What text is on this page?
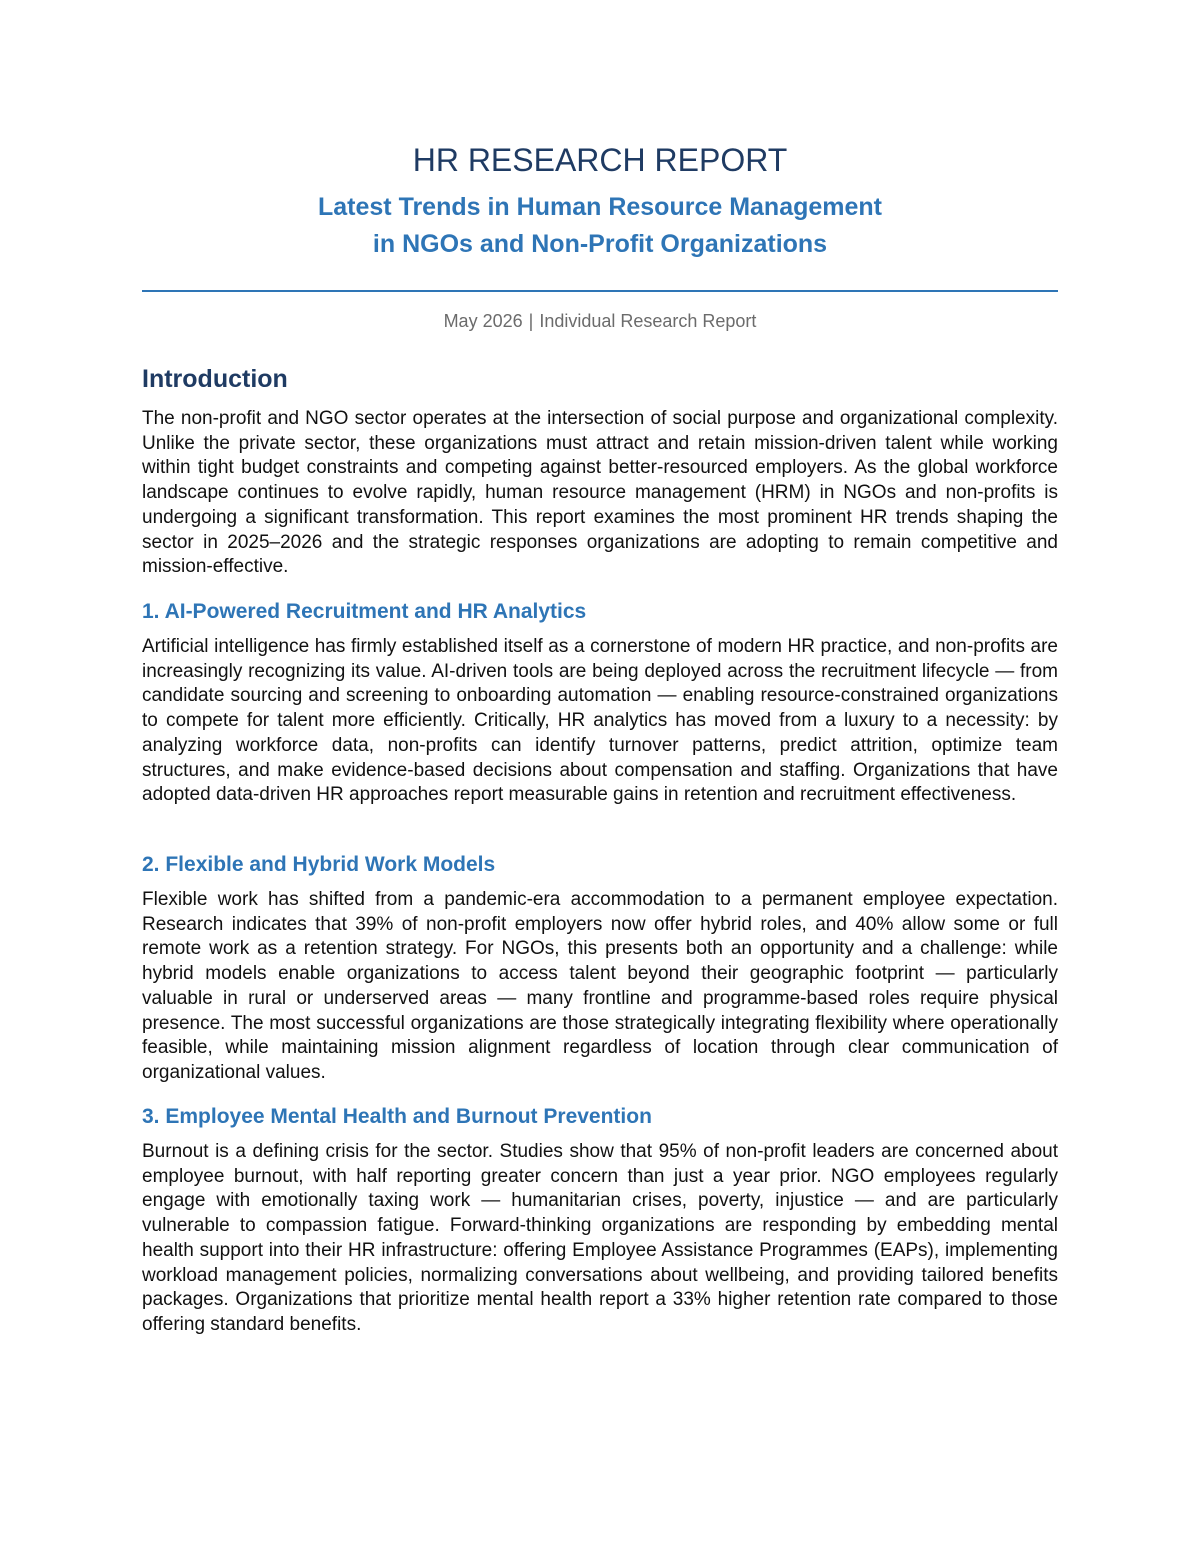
HR RESEARCH REPORT
Latest Trends in Human Resource Management
in NGOs and Non-Profit Organizations
May 2026 | Individual Research Report
Introduction
The non-profit and NGO sector operates at the intersection of social purpose and organizational complexity. Unlike the private sector, these organizations must attract and retain mission-driven talent while working within tight budget constraints and competing against better-resourced employers. As the global workforce landscape continues to evolve rapidly, human resource management (HRM) in NGOs and non-profits is undergoing a significant transformation. This report examines the most prominent HR trends shaping the sector in 2025–2026 and the strategic responses organizations are adopting to remain competitive and mission-effective.
1. AI-Powered Recruitment and HR Analytics
Artificial intelligence has firmly established itself as a cornerstone of modern HR practice, and non-profits are increasingly recognizing its value. AI-driven tools are being deployed across the recruitment lifecycle — from candidate sourcing and screening to onboarding automation — enabling resource-constrained organizations to compete for talent more efficiently. Critically, HR analytics has moved from a luxury to a necessity: by analyzing workforce data, non-profits can identify turnover patterns, predict attrition, optimize team structures, and make evidence-based decisions about compensation and staffing. Organizations that have adopted data-driven HR approaches report measurable gains in retention and recruitment effectiveness.
2. Flexible and Hybrid Work Models
Flexible work has shifted from a pandemic-era accommodation to a permanent employee expectation. Research indicates that 39% of non-profit employers now offer hybrid roles, and 40% allow some or full remote work as a retention strategy. For NGOs, this presents both an opportunity and a challenge: while hybrid models enable organizations to access talent beyond their geographic footprint — particularly valuable in rural or underserved areas — many frontline and programme-based roles require physical presence. The most successful organizations are those strategically integrating flexibility where operationally feasible, while maintaining mission alignment regardless of location through clear communication of organizational values.
3. Employee Mental Health and Burnout Prevention
Burnout is a defining crisis for the sector. Studies show that 95% of non-profit leaders are concerned about employee burnout, with half reporting greater concern than just a year prior. NGO employees regularly engage with emotionally taxing work — humanitarian crises, poverty, injustice — and are particularly vulnerable to compassion fatigue. Forward-thinking organizations are responding by embedding mental health support into their HR infrastructure: offering Employee Assistance Programmes (EAPs), implementing workload management policies, normalizing conversations about wellbeing, and providing tailored benefits packages. Organizations that prioritize mental health report a 33% higher retention rate compared to those offering standard benefits.
